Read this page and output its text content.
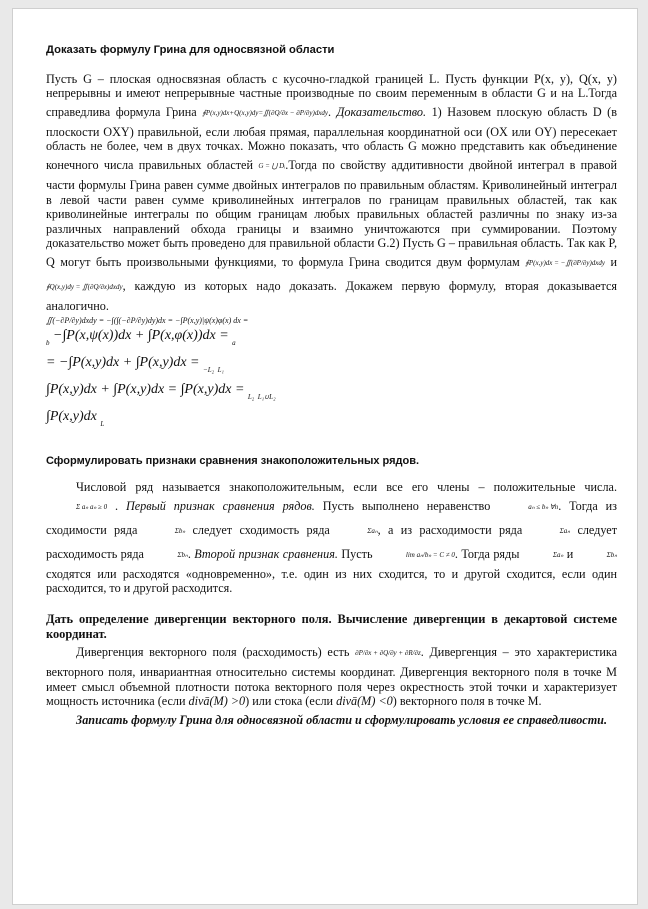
Доказать формулу Грина для односвязной области

Пусть G – плоская односвязная область с кусочно-гладкой границей L. Пусть функции P(x, y), Q(x, y) непрерывны и имеют непрерывные частные производные по своим переменным в области G и на L.Тогда справедлива формула Грина ∮P(x,y)dx+Q(x,y)dy=∬(∂Q/∂x − ∂P/∂y)dxdy. Доказательство. 1) Назовем плоскую область D (в плоскости OXY) правильной, если любая прямая, параллельная координатной оси (OX или OY) пересекает область не более, чем в двух точках. Можно показать, что область G можно представить как объединение конечного числа правильных областей G = ⋃ Dᵢ.Тогда по свойству аддитивности двойной интеграл в правой части формулы Грина равен сумме двойных интегралов по правильным областям. Криволинейный интеграл в левой части равен сумме криволинейных интегралов по границам правильных областей, так как криволинейные интегралы по общим границам любых правильных областей различны по знаку из-за различных направлений обхода границы и взаимно уничтожаются при суммировании. Поэтому доказательство может быть проведено для правильной области G.2) Пусть G – правильная область. Так как P, Q могут быть произвольными функциями, то формула Грина сводится двум формулам ∮P(x,y)dx = −∬(∂P/∂y)dxdy и ∮Q(x,y)dy = ∬(∂Q/∂x)dxdy, каждую из которых надо доказать. Докажем первую формулу, вторая доказывается аналогично.

∬(−∂P/∂y)dxdy = −∫(∫(−∂P/∂y)dy)dx = −∫P(x,y)|ψ(x)φ(x) dx =
$_b$ −∫P(x,ψ(x))dx + ∫P(x,φ(x))dx = $_a$
= −∫P(x,y)dx + ∫P(x,y)dx = $_{-L_2}$ $_{L_1}$
∫P(x,y)dx + ∫P(x,y)dx = ∫P(x,y)dx = $_{L_2}$ $_{L_1\cup L_2}$
∫P(x,y)dx $_L$
Сформулировать признаки сравнения знакоположительных рядов.

Числовой ряд называется знакоположительным, если все его члены – положительные числа. Σ aₙ aₙ ≥ 0 . Первый признак сравнения рядов. Пусть выполнено неравенство	aₙ ≤ bₙ ∀n. Тогда из сходимости ряда	Σbₙ следует сходимость ряда	Σaₙ, а из расходимости ряда	Σaₙ следует расходимость ряда	Σbₙ. Второй признак сравнения. Пусть	lim aₙ/bₙ = C ≠ 0. Тогда ряды	Σaₙ и	Σbₙ сходятся или расходятся «одновременно», т.е. один из них сходится, то и другой сходится, если один расходится, то и другой расходится.

Дать определение дивергенции векторного поля. Вычисление дивергенции в декартовой системе координат.

Дивергенция векторного поля (расходимость) есть ∂P/∂x + ∂Q/∂y + ∂R/∂z. Дивергенция – это характеристика векторного поля, инвариантная относительно системы координат. Дивергенция векторного поля в точке M имеет смысл объемной плотности потока векторного поля через окрестность этой точки и характеризует мощность источника (если divā(M) >0) или стока (если divā(M) <0) векторного поля в точке M.

Записать формулу Грина для односвязной области и сформулировать условия ее справедливости.
